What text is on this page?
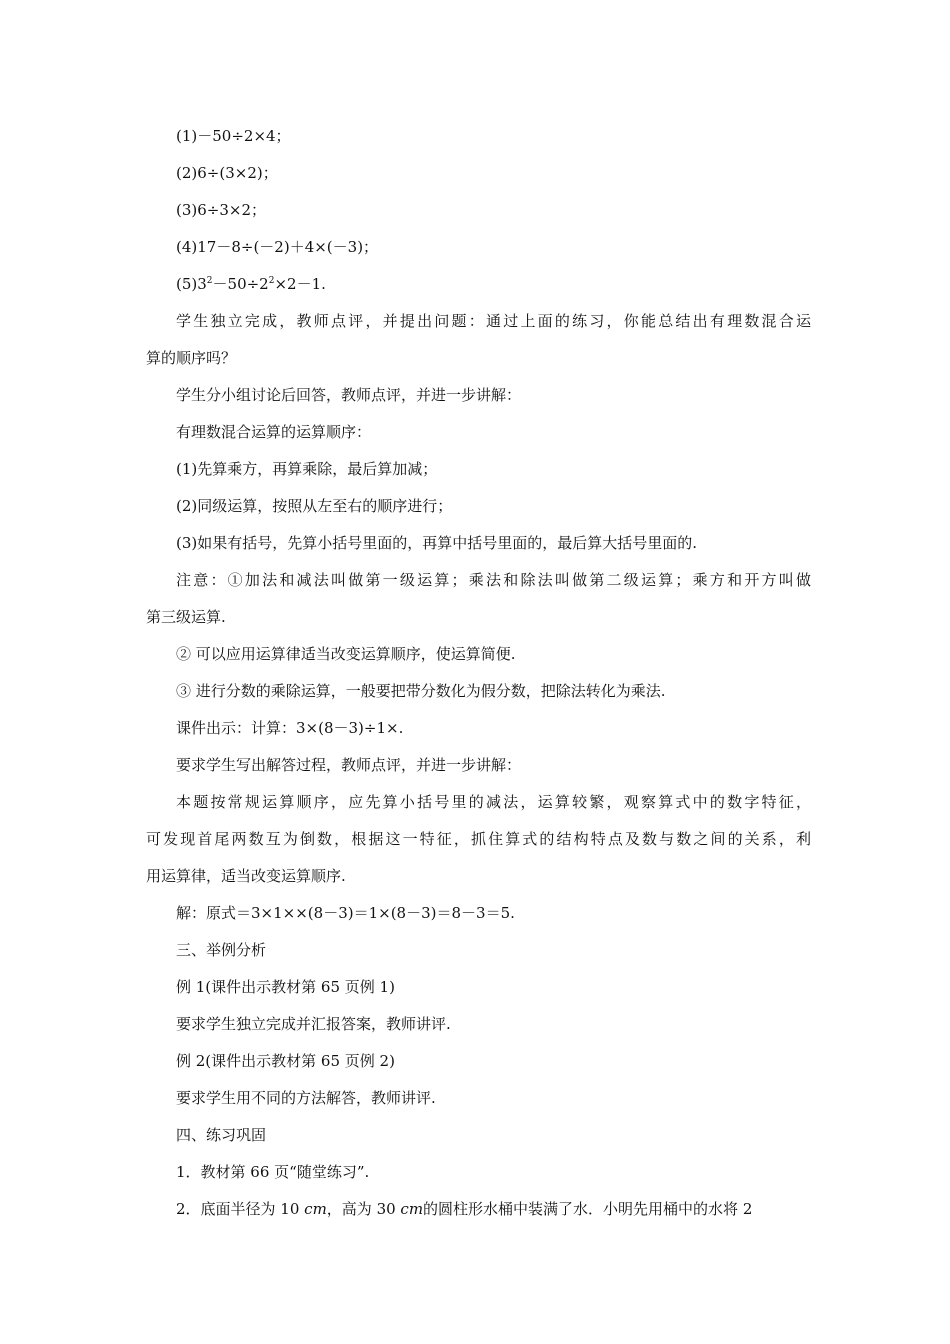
(1)－50÷2×4；
(2)6÷(3×2)；
(3)6÷3×2；
(4)17－8÷(－2)＋4×(－3)；
$(5)3^2-50\div 2^2\times 2-1$.
学生独立完成，教师点评，并提出问题：通过上面的练习，你能总结出有理数混合运
算的顺序吗？
学生分小组讨论后回答，教师点评，并进一步讲解：
有理数混合运算的运算顺序：
(1)先算乘方，再算乘除，最后算加减；
(2)同级运算，按照从左至右的顺序进行；
(3)如果有括号，先算小括号里面的，再算中括号里面的，最后算大括号里面的.
注意：①加法和减法叫做第一级运算；乘法和除法叫做第二级运算；乘方和开方叫做
第三级运算.
② 可以应用运算律适当改变运算顺序，使运算简便.
③ 进行分数的乘除运算，一般要把带分数化为假分数，把除法转化为乘法.
课件出示：计算：3×(8－3)÷1×.
要求学生写出解答过程，教师点评，并进一步讲解：
本题按常规运算顺序，应先算小括号里的减法，运算较繁，观察算式中的数字特征，
可发现首尾两数互为倒数，根据这一特征，抓住算式的结构特点及数与数之间的关系，利
用运算律，适当改变运算顺序.
解：原式＝3×1××(8－3)＝1×(8－3)＝8－3＝5.
三、举例分析
例 1(课件出示教材第 65 页例 1)
要求学生独立完成并汇报答案，教师讲评.
例 2(课件出示教材第 65 页例 2)
要求学生用不同的方法解答，教师讲评.
四、练习巩固
1．教材第 66 页“随堂练习”.
2．底面半径为 10 cm，高为 30 cm的圆柱形水桶中装满了水．小明先用桶中的水将 2
